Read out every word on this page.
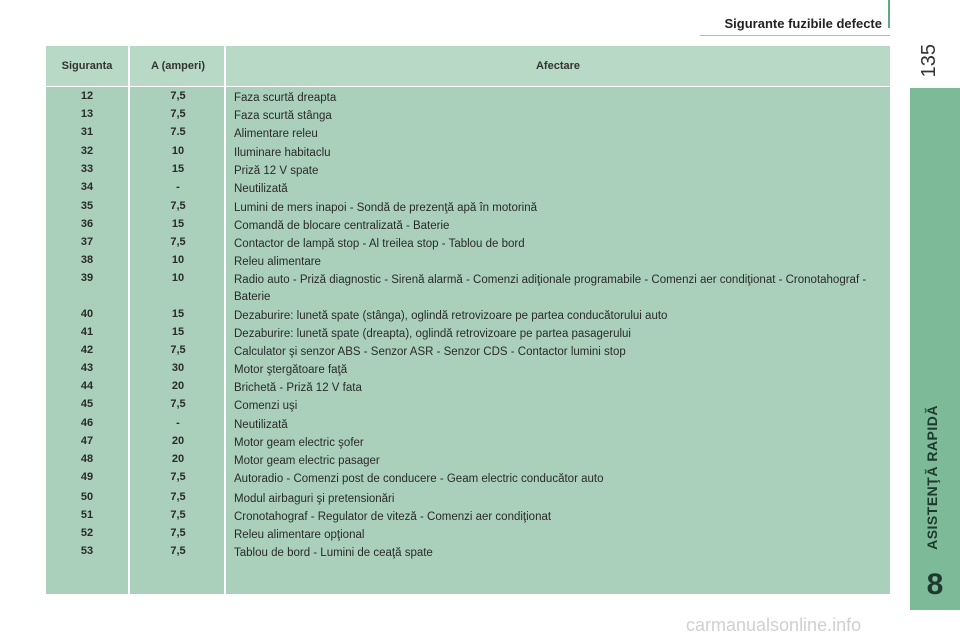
Sigurante fuzibile defecte
135
ASISTENŢĂ RAPIDĂ
8
Siguranta	A (amperi)	Afectare
12	7,5	Faza scurtă dreapta
13	7,5	Faza scurtă stânga
31	7.5	Alimentare releu
32	10	Iluminare habitaclu
33	15	Priză 12 V spate
34	-	Neutilizată
35	7,5	Lumini de mers inapoi - Sondă de prezenţă apă în motorină
36	15	Comandă de blocare centralizată - Baterie
37	7,5	Contactor de lampă stop - Al treilea stop - Tablou de bord
38	10	Releu alimentare
39	10	Radio auto - Priză diagnostic - Sirenă alarmă - Comenzi adiţionale programabile - Comenzi aer condiţionat - Cronotahograf - Baterie
40	15	Dezaburire: lunetă spate (stânga), oglindă retrovizoare pe partea conducătorului auto
41	15	Dezaburire: lunetă spate (dreapta), oglindă retrovizoare pe partea pasagerului
42	7,5	Calculator şi senzor ABS - Senzor ASR - Senzor CDS - Contactor lumini stop
43	30	Motor ştergătoare faţă
44	20	Brichetă - Priză 12 V fata
45	7,5	Comenzi uşi
46	-	Neutilizată
47	20	Motor geam electric şofer
48	20	Motor geam electric pasager
49	7,5	Autoradio - Comenzi post de conducere - Geam electric conducător auto
50	7,5	Modul airbaguri şi pretensionări
51	7,5	Cronotahograf - Regulator de viteză - Comenzi aer condiţionat
52	7,5	Releu alimentare opţional
53	7,5	Tablou de bord - Lumini de ceaţă spate
carmanualsonline.info
